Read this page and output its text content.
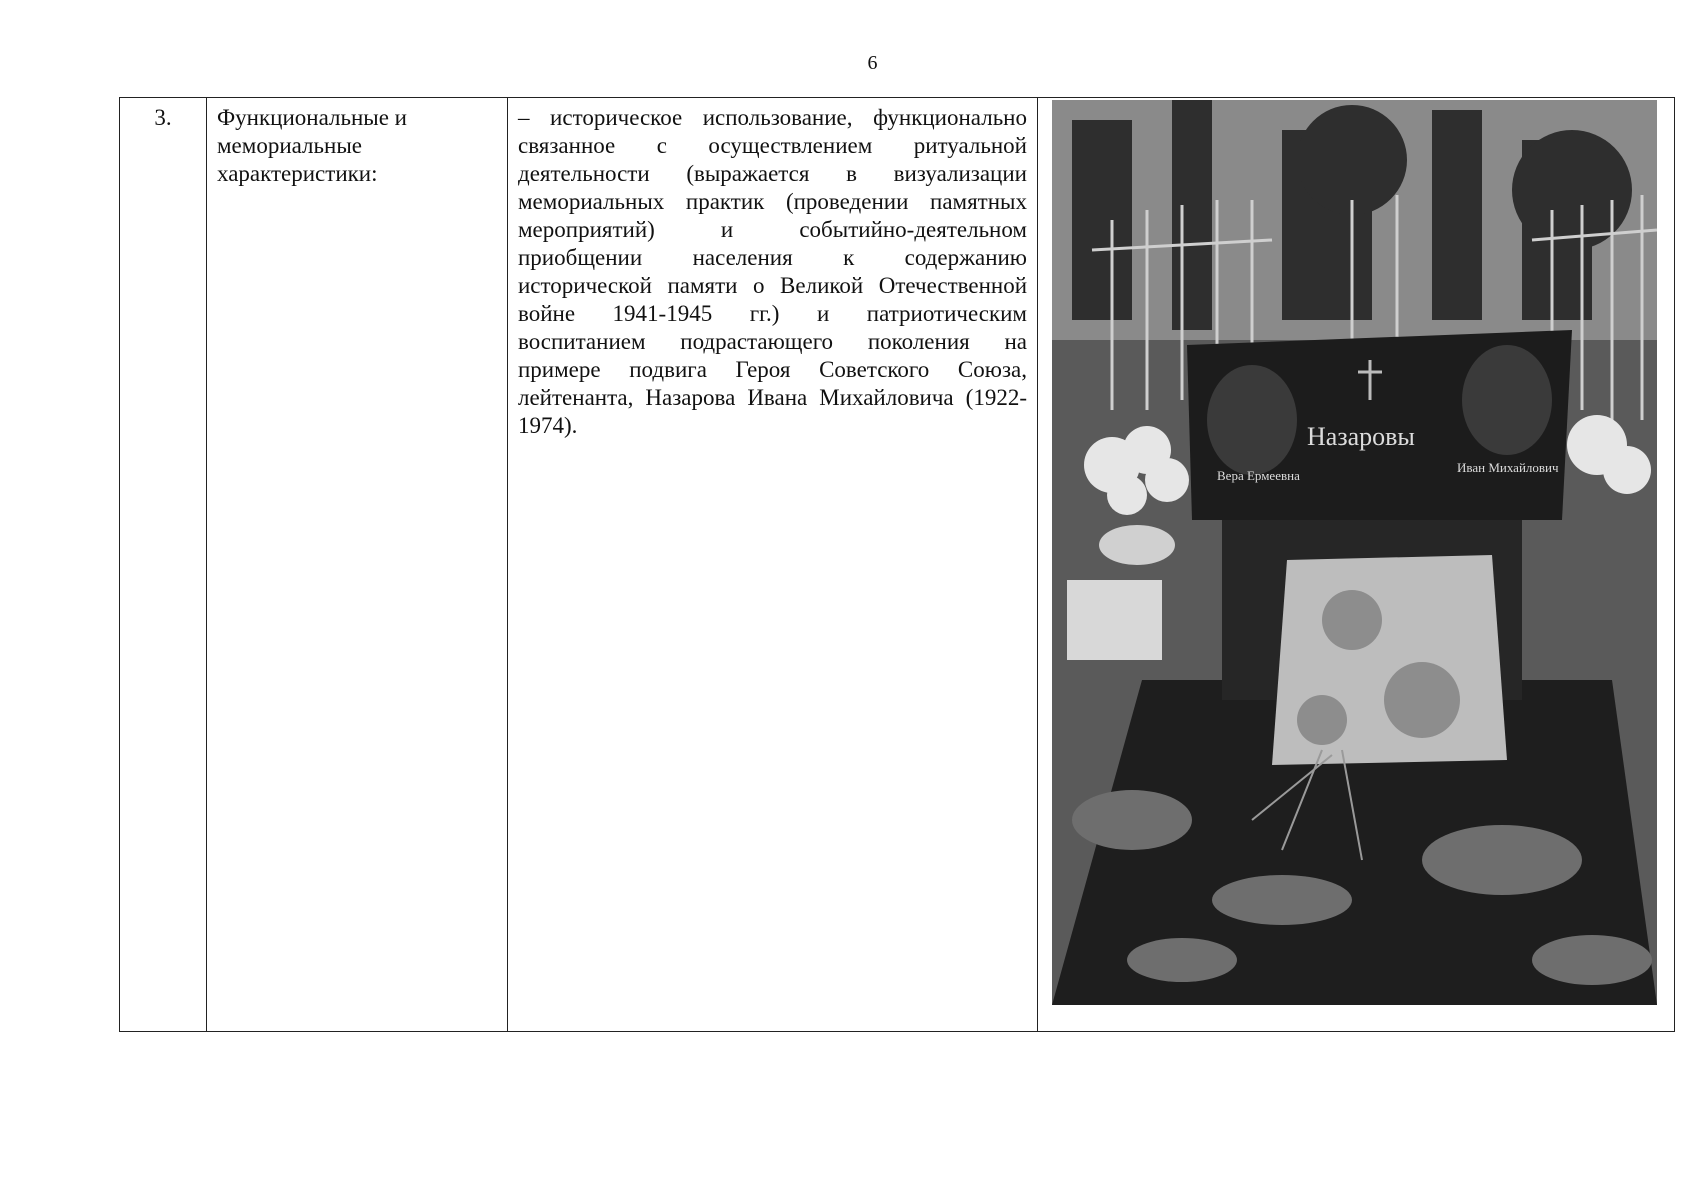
6
3.	Функциональные и мемориальные характеристики:	– историческое использование, функционально связанное с осуществлением ритуальной деятельности (выражается в визуализации мемориальных практик (проведении памятных мероприятий) и событийно-деятельном приобщении населения к содержанию исторической памяти о Великой Отечественной войне 1941-1945 гг.) и патриотическим воспитанием подрастающего поколения на примере подвига Героя Советского Союза, лейтенанта, Назарова Ивана Михайловича (1922-1974).	Назаровы
Вера Ермеевна
Иван Михайлович
